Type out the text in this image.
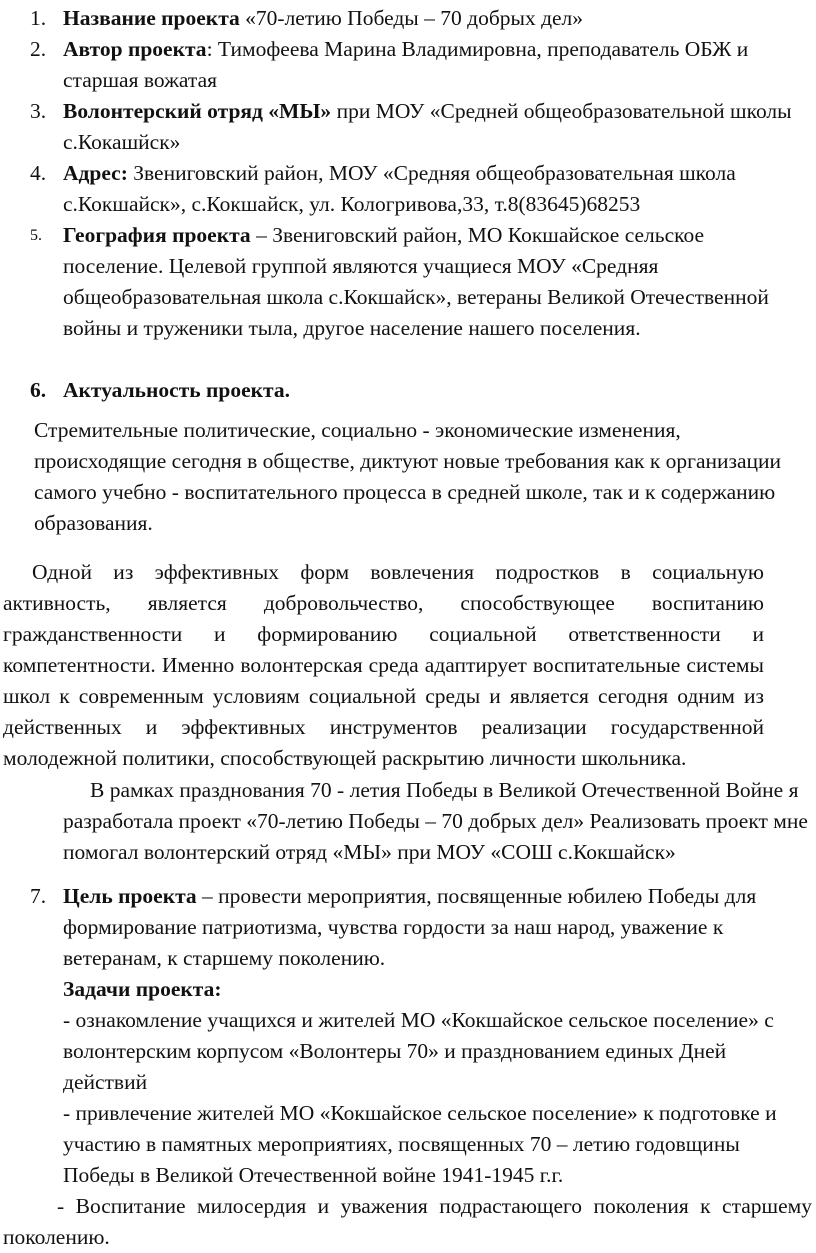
1. Название проекта «70-летию Победы – 70 добрых дел»
2. Автор проекта: Тимофеева Марина Владимировна, преподаватель ОБЖ и старшая вожатая
3. Волонтерский отряд «МЫ» при МОУ «Средней общеобразовательной школы с.Кокашйск»
4. Адрес: Звениговский район, МОУ «Средняя общеобразовательная школа с.Кокшайск», с.Кокшайск, ул. Кологривова,33, т.8(83645)68253
5. География проекта – Звениговский район, МО Кокшайское сельское поселение. Целевой группой являются учащиеся МОУ «Средняя общеобразовательная школа с.Кокшайск», ветераны Великой Отечественной войны и труженики тыла, другое население нашего поселения.
6. Актуальность проекта.
Стремительные политические, социально - экономические изменения, происходящие сегодня в обществе, диктуют новые требования как к организации самого учебно - воспитательного процесса в средней школе, так и к содержанию образования.
Одной из эффективных форм вовлечения подростков в социальную активность, является добровольчество, способствующее воспитанию гражданственности и формированию социальной ответственности и компетентности. Именно волонтерская среда адаптирует воспитательные системы школ к современным условиям социальной среды и является сегодня одним из действенных и эффективных инструментов реализации государственной молодежной политики, способствующей раскрытию личности школьника.
В рамках празднования 70 - летия Победы в Великой Отечественной Войне я разработала проект «70-летию Победы – 70 добрых дел» Реализовать проект мне помогал волонтерский отряд «МЫ» при МОУ «СОШ с.Кокшайск»
7. Цель проекта – провести мероприятия, посвященные юбилею Победы для формирование патриотизма, чувства гордости за наш народ, уважение к ветеранам, к старшему поколению.
Задачи проекта:
- ознакомление учащихся и жителей МО «Кокшайское сельское поселение» с волонтерским корпусом «Волонтеры 70» и празднованием единых Дней действий
- привлечение жителей МО «Кокшайское сельское поселение» к подготовке и участию в памятных мероприятиях, посвященных 70 – летию годовщины Победы в Великой Отечественной войне 1941-1945 г.г.
- Воспитание милосердия и уважения подрастающего поколения к старшему поколению.
